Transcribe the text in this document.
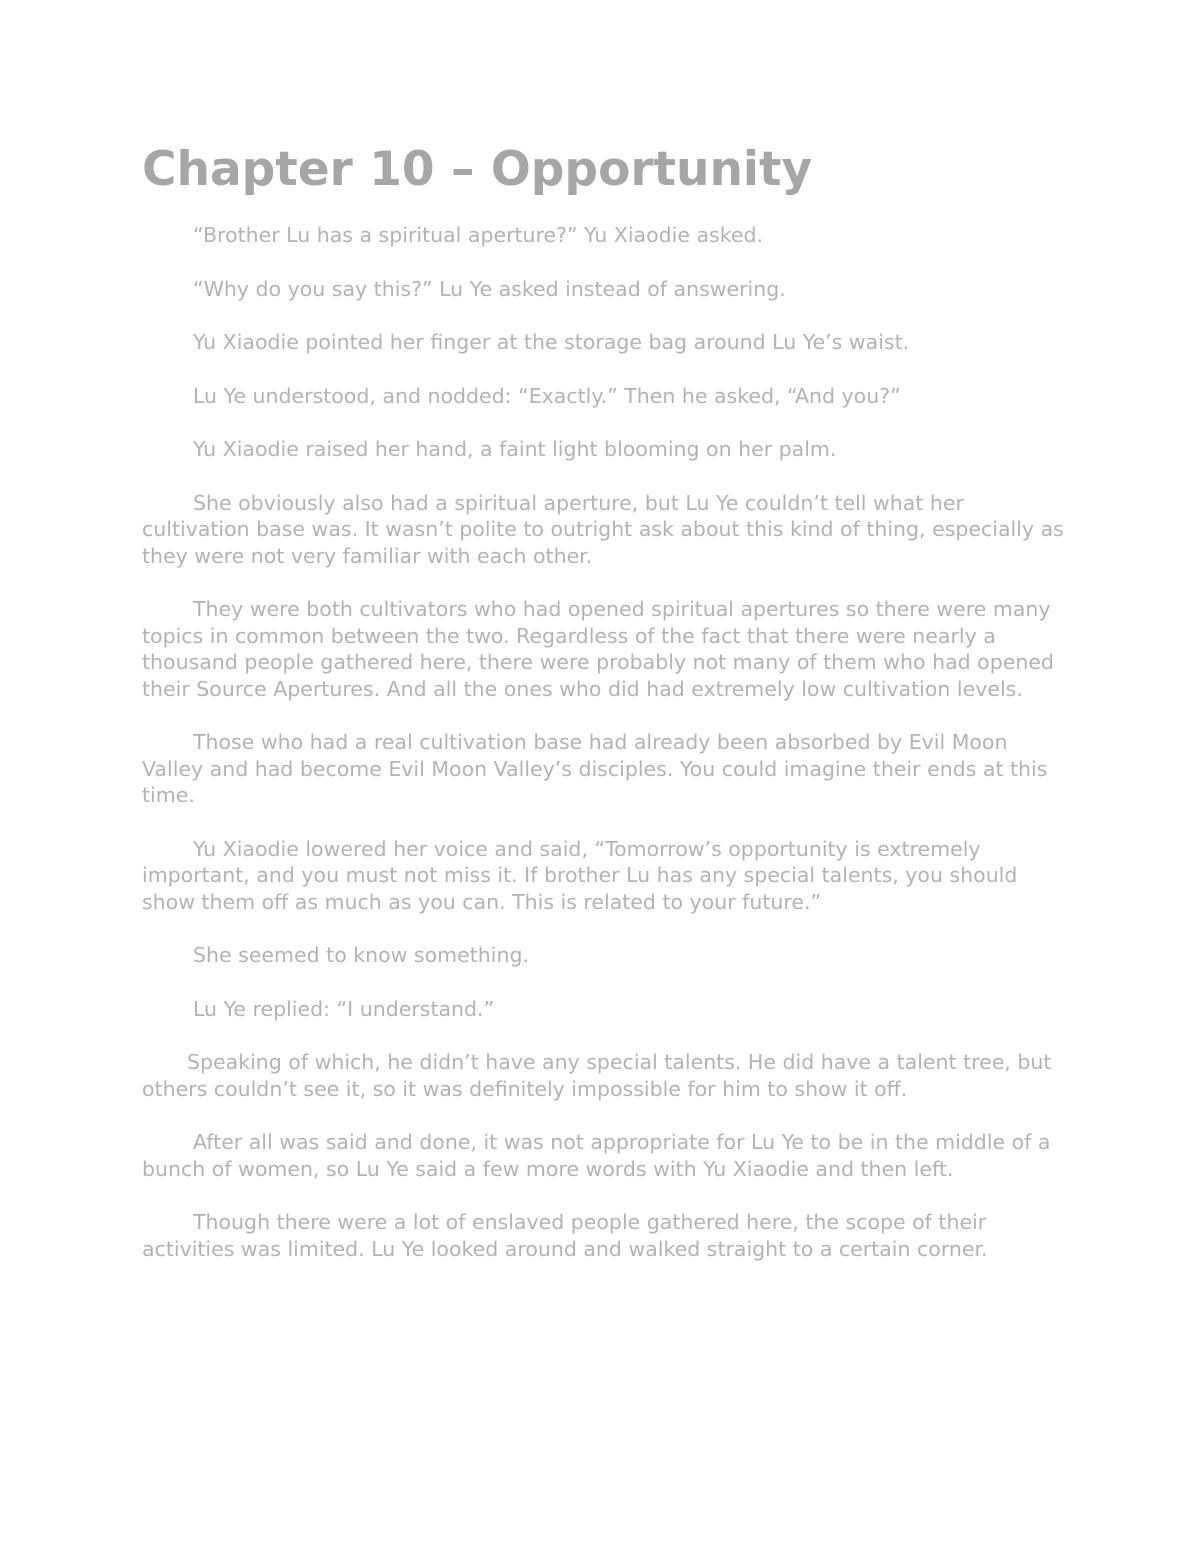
Chapter 10 – Opportunity

“Brother Lu has a spiritual aperture?” Yu Xiaodie asked.

“Why do you say this?” Lu Ye asked instead of answering.

Yu Xiaodie pointed her finger at the storage bag around Lu Ye’s waist.

Lu Ye understood, and nodded: “Exactly.” Then he asked, “And you?”

Yu Xiaodie raised her hand, a faint light blooming on her palm.

She obviously also had a spiritual aperture, but Lu Ye couldn’t tell what her cultivation base was. It wasn’t polite to outright ask about this kind of thing, especially as they were not very familiar with each other.

They were both cultivators who had opened spiritual apertures so there were many topics in common between the two. Regardless of the fact that there were nearly a thousand people gathered here, there were probably not many of them who had opened their Source Apertures. And all the ones who did had extremely low cultivation levels.

Those who had a real cultivation base had already been absorbed by Evil Moon Valley and had become Evil Moon Valley’s disciples. You could imagine their ends at this time.

Yu Xiaodie lowered her voice and said, “Tomorrow’s opportunity is extremely important, and you must not miss it. If brother Lu has any special talents, you should show them off as much as you can. This is related to your future.”

She seemed to know something.

Lu Ye replied: “I understand.”

Speaking of which, he didn’t have any special talents. He did have a talent tree, but others couldn’t see it, so it was definitely impossible for him to show it off.

After all was said and done, it was not appropriate for Lu Ye to be in the middle of a bunch of women, so Lu Ye said a few more words with Yu Xiaodie and then left.

Though there were a lot of enslaved people gathered here, the scope of their activities was limited. Lu Ye looked around and walked straight to a certain corner.
